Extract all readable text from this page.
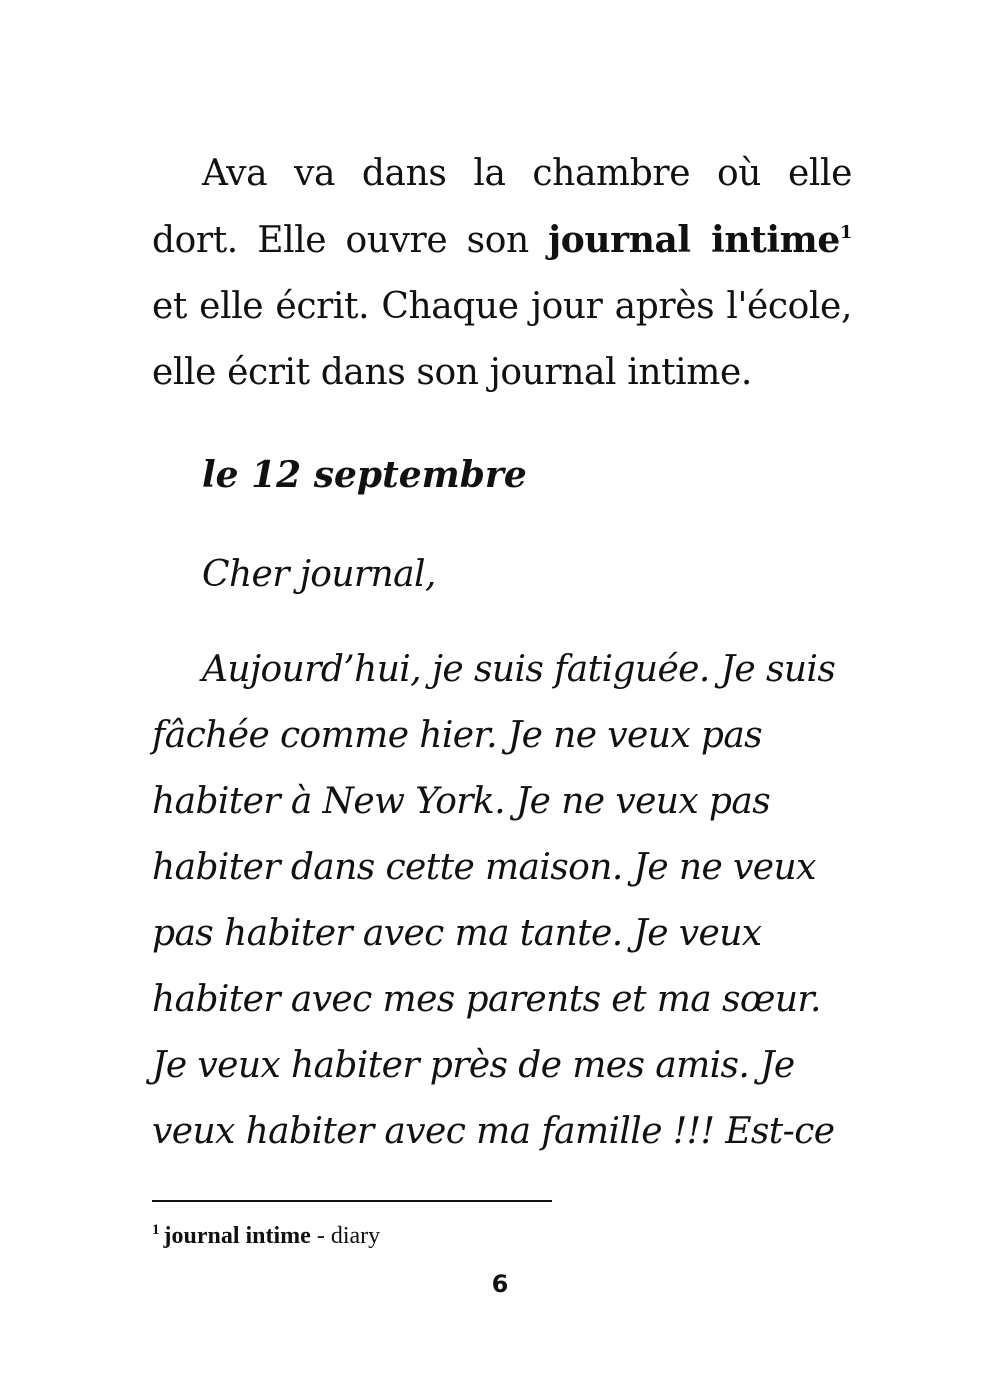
Ava va dans la chambre où elle dort. Elle ouvre son journal intime$^1$ et elle écrit. Chaque jour après l'école, elle écrit dans son journal intime.

le 12 septembre
Cher journal,
Aujourd’hui, je suis fatiguée. Je suis
fâchée comme hier. Je ne veux pas
habiter à New York. Je ne veux pas
habiter dans cette maison. Je ne veux
pas habiter avec ma tante. Je veux
habiter avec mes parents et ma sœur.
Je veux habiter près de mes amis. Je
veux habiter avec ma famille !!! Est-ce
$^1$ journal intime - diary
6
